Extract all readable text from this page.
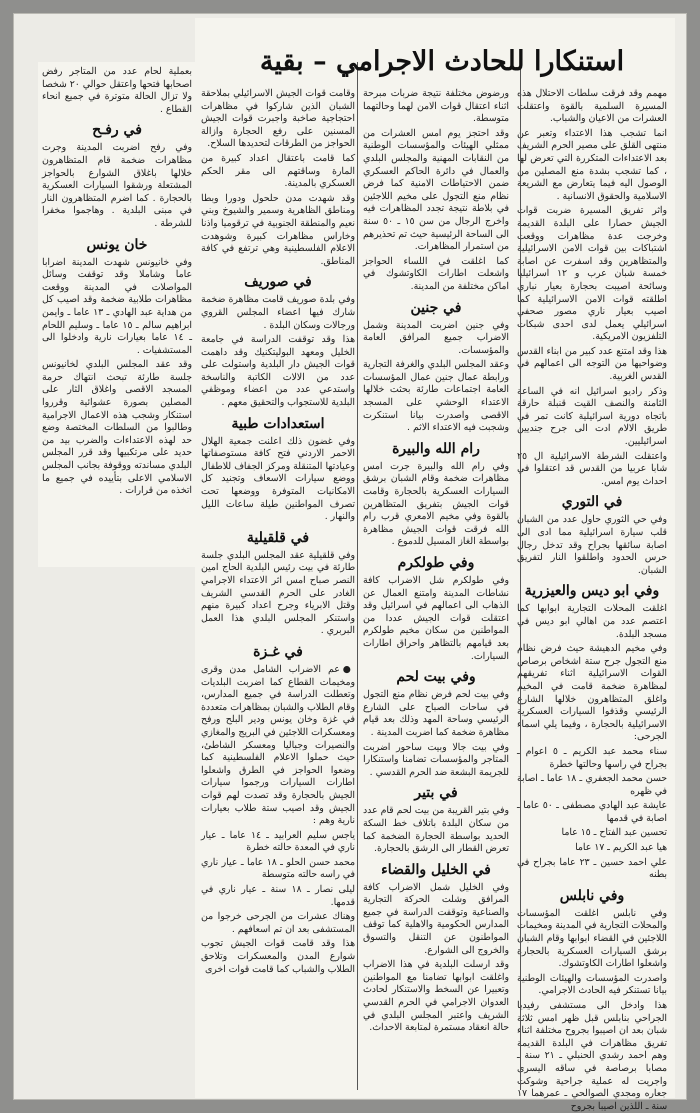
بعملية لحام عدد من المتاجر رفض اصحابها فتحها واعتقل حوالي ٢٠ شخصا ولا تزال الحالة متوترة في جميع انحاء القطاع .

في رفـح

وفي رفح اضربت المدينة وجرت مظاهرات ضخمة قام المتظاهرون خلالها باغلاق الشوارع بالحواجز المشتعلة ورشقوا السيارات العسكرية بالحجارة . كما اضرم المتظاهرون النار في مبنى البلدية . وهاجموا مخفرا للشرطة .

خان يونس

وفي خانيونس شهدت المدينة اضرابا عاما وشاملا وقد توقفت وسائل المواصلات في المدينة ووقعت مظاهرات طلابية ضخمة وقد اصيب كل من هداية عبد الهادي ـ ١٣ عاما ـ وايمن ابراهيم سالم ـ ١٥ عاما ـ وسليم اللحام ـ ١٤ عاما بعيارات نارية وادخلوا الى المستشفيات .

وقد عقد المجلس البلدي لخانيونس جلسة طارئة تبحث انتهاك حرمة المسجد الاقصى واغلاق الثار على المصلين بصورة عشوائية وقرروا استنكار وشجب هذه الاعمال الاجرامية وطالبوا من السلطات المختصة وضع حد لهذه الاعتداءات والضرب بيد من حديد على مرتكبيها وقد قرر المجلس البلدي مساندته ووقوفة بجانب المجلس الاسلامي الاعلى بتأييده في جميع ما اتخذه من قرارات .

مهمم وقد فرقت سلطات الاحتلال هذه المسيرة السلمية بالقوة واعتقلت العشرات من الاعيان والشباب.

انما تشجب هذا الاعتداء وتعبر عن منتهى القلق على مصير الحرم الشريف بعد الاعتداءات المتكررة التي تعرض لها ، كما تشجب بشدة منع المصلين من الوصول اليه فيما يتعارض مع الشريعة الاسلامية والحقوق الانسانية .

واثر تفريق المسيرة ضربت قوات الجيش حصارا على البلدة القديمة وخرجت عدة مظاهرات ووقعت اشتباكات بين قوات الامن الاسرائيلية والمتظاهرين وقد اسفرت عن اصابة خمسة شبان عرب و ١٢ اسرائيليا وسائحة اصيبت بحجارة بعيار نباري اطلقته قوات الامن الاسرائيلية كما اصيب بعيار ناري مصور صحفي اسرائيلي يعمل لدى احدى شبكات التلفزيون الامريكية.

هذا وقد امتنع عدد كبير من ابناء القدس وضواحيها من التوجه الى اعمالهم في القدس الغربية.

وذكر راديو اسرائيل انه في الساعة الثامنة والنصف القيت قنبلة حارقة باتجاه دورية اسرائيلية كانت تمر في طريق الالام ادت الى جرح جنديين اسرائيليين.

واعتقلت الشرطة الاسرائيلية ال ٢٥ شابا عربيا من القدس قد اعتقلوا في احداث يوم امس.

في التوري

وفي حي الثوري حاول عدد من الشبان قلب سيارة اسرائيلية مما ادى الى اصابة سائقها بجراح وقد تدخل رجال حرس الحدود واطلقوا النار لتفريق الشبان.

وفي ابو ديس والعيزرية

اغلقت المحلات التجارية ابوابها كما اعتصم عدد من اهالي ابو ديس في مسجد البلدة.

وفي مخيم الدهيشة حيث فرض نظام منع التجول جرح ستة اشخاص برصاص القوات الاسرائيلية اثناء تفريقهم لمظاهرة ضخمة قامت في المخيم واغلق المتظاهرون خلالها الشارع الرئيسي وقذفوا السيارات العسكرية الاسرائيلية بالحجارة ، وفيما يلي اسماء الجرحى:

سناء محمد عبد الكريم ـ ٥ اعوام ـ بجراح في راسها وحالتها خطرة

حسن محمد الجعفري ـ ١٨ عاما ـ اصابة في ظهره

عايشة عبد الهادي مصطفى ـ ٥٠ عاما ـ اصابة في قدمها

تحسين عبد الفتاح ـ ١٥ عاما

هيا عبد الكريم ـ ١٧ عاما

علي احمد حسين ـ ٢٣ عاما بجراح في بطنه

وفي نابلس

وفي نابلس اغلقت المؤسسات والمحلات التجارية في المدينة ومخيمات اللاجئين في القضاء ابوابها وقام الشبان برشق السيارات العسكرية بالحجارة واشعلوا اطارات الكاوتشوك.

واصدرت المؤسسات والهيئات الوطنية بيانا تستنكر فيه الحادث الاجرامي.

هذا وادخل الى مستشفى رفيديا الجراحي بنابلس قبل ظهر امس ثلاثة شبان بعد ان اصيبوا بجروح مختلفة اثناء تفريق مظاهرات في البلدة القديمة وهم احمد رشدي الحنبلي ـ ٢١ سنة ـ مصابا برصاصة في ساقه اليسرى واجريت له عملية جراحية وشوكت جعاره ومجدي الصوالحي ـ عمرهما ١٧ سنة ـ اللذين اصيبا بجروح

ورضوض مختلفة نتيجة ضربات مبرحة اثناء اعتقال قوات الامن لهما وحالتهما متوسطة.

وقد احتجز يوم امس العشرات من ممثلي الهيئات والمؤسسات الوطنية من النقابات المهنية والمجلس البلدي والعمال في دائرة الحاكم العسكري ضمن الاحتياطات الامنية كما فرض نظام منع التجول على مخيم اللاجئين في بلاطة نتيجة تجدد المظاهرات فيه واخرج الرجال من سن ١٥ ـ ٥٠ سنة الى الساحة الرئيسية حيث تم تحذيرهم من استمرار المظاهرات.

كما اغلقت في اللساء الحواجز واشعلت اطارات الكاوتشوك في اماكن مختلفة من المدينة.

في جنين

وفي جنين اضربت المدينة وشمل الاضراب جميع المرافق العامة والمؤسسات.

وعقد المجلس البلدي والغرفة التجارية ورابطة عمال جنين عمال المؤسسات العامة اجتماعات طارئة بحثت خلالها الاعتداء الوحشي على المسجد الاقصى واصدرت بيانا استنكرت وشجبت فيه الاعتداء الاثم .

رام الله والبيرة

وفي رام الله والبيرة جرت امس مظاهرات ضخمة وقام الشبان برشق السيارات العسكرية بالحجارة وقامت قوات الجيش بتفريق المتظاهرين بالقوة وفي مخيم الامعري قرب رام الله فرقت قوات الجيش مظاهرة بواسطة الغاز المسيل للدموع .

وفي طولكرم

وفي طولكرم شل الاضراب كافة نشاطات المدينة وامتنع العمال عن الذهاب الى اعمالهم في اسرائيل وقد اعتقلت قوات الجيش عددا من المواطنين من سكان مخيم طولكرم بعد قيامهم بالتظاهر واحراق اطارات السيارات.

وفي بيت لحم

وفي بيت لحم فرض نظام منع التجول في ساحات الصباح على الشارع الرئيسي وساحة المهد وذلك بعد قيام مظاهرة ضخمة كما اضربت المدينة .

وفي بيت جالا وبيت ساحور اضربت المتاجر والمؤسسات تضامنا واستنكارا للجريمة البشعة ضد الحرم القدسي .

في بتير

وفي بتير القريبة من بيت لحم قام عدد من سكان البلدة باتلاف خط السكة الحديد بواسطة الحجارة الضخمة كما تعرض القطار الى الرشق بالحجارة.

في الخليل والقضاء

وفي الخليل شمل الاضراب كافة المرافق وشلت الحركة التجارية والصناعية وتوقفت الدراسة في جميع المدارس الحكومية والاهلية كما توقف المواطنون عن التنقل والتسوق والخروج الى الشوارع.

وقد ارسلت البلدية في هذا الاضراب واغلقت ابوابها تضامنا مع المواطنين وتعبيرا عن السخط والاستنكار لحادث العدوان الاجرامي في الحرم القدسي الشريف واعتبر المجلس البلدي في حالة انعقاد مستمرة لمتابعة الاحداث.

وقامت قوات الجيش الاسرائيلي بملاحقة الشبان الذين شاركوا في مظاهرات احتجاجية صاخبة واجبرت قوات الجيش المسنين على رفع الحجارة وازالة الحواجز من الطرقات لتحديدها السلاح.

كما قامت باعتقال اعداد كبيرة من المارة وساقتهم الى مقر الحكم العسكري بالمدينة.

وقد شهدت مدن حلحول ودورا وبطا ومناطق الظاهرية وسمير والشيوخ وبني نعيم والمنطقة الجنوبية في ترقوميا واذنا وخاراس مظاهرات كبيرة وشوهدت الاعلام الفلسطينية وهي ترتفع في كافة المناطق.

في صوريف

وفي بلدة صوريف قامت مظاهرة ضخمة شارك فيها اعضاء المجلس القروي ورجالات وسكان البلدة .

هذا وقد توقفت الدراسة في جامعة الخليل ومعهد البوليتكنيك وقد داهمت قوات الجيش دار البلدية واستولت على عدد من الالات الكاتبة والناسخة واستدعي عدد من اعضاء وموظفي البلدية للاستجواب والتحقيق معهم .

استعدادات طبية

وفي غضون ذلك اعلنت جمعية الهلال الاحمر الاردني فتح كافة مستوصفاتها وعيادتها المتنقلة ومركز الجفاف للاطفال ووضع سيارات الاسعاف وتجنيد كل الامكانيات المتوفرة ووضعها تحت تصرف المواطنين طيلة ساعات الليل والنهار .

في قلقيلية

وفي قلقيلية عقد المجلس البلدي جلسة طارئة في بيت رئيس البلدية الحاج امين النصر صباح امس اثر الاعتداء الاجرامي الغادر على الحرم القدسي الشريف وقتل الابرياء وجرح اعداد كبيرة منهم واستنكر المجلس البلدي هذا العمل البربري .

في غـزة

●عم الاضراب الشامل مدن وقرى ومخيمات القطاع كما اضربت البلديات وتعطلت الدراسة في جميع المدارس، وقام الطلاب والشبان بمظاهرات متعددة في غزة وخان يونس ودير البلح ورفح ومعسكرات اللاجئين في البريج والمغازي والنصيرات وجباليا ومعسكر الشاطئ، حيث حملوا الاعلام الفلسطينية كما وضعوا الحواجز في الطرق واشعلوا اطارات السيارات ورجموا سيارات الجيش بالحجارة وقد تصدت لهم قوات الجيش وقد اصيب ستة طلاب بعيارات نارية وهم :

ياجس سليم العرابيد ـ ١٤ عاما ـ عيار ناري في المعدة حالته خطرة

محمد حسن الحلو ـ ١٨ عاما ـ عيار ناري في راسه حالته متوسطة

ليلى نصار ـ ١٨ سنة ـ عيار ناري في قدمها.

وهناك عشرات من الجرحى خرجوا من المستشفى بعد ان تم اسعافهم .

هذا وقد قامت قوات الجيش تجوب شوارع المدن والمعسكرات وتلاحق الطلاب والشباب كما قامت قوات اخرى

استنكارا للحادث الاجرامي – بقية
